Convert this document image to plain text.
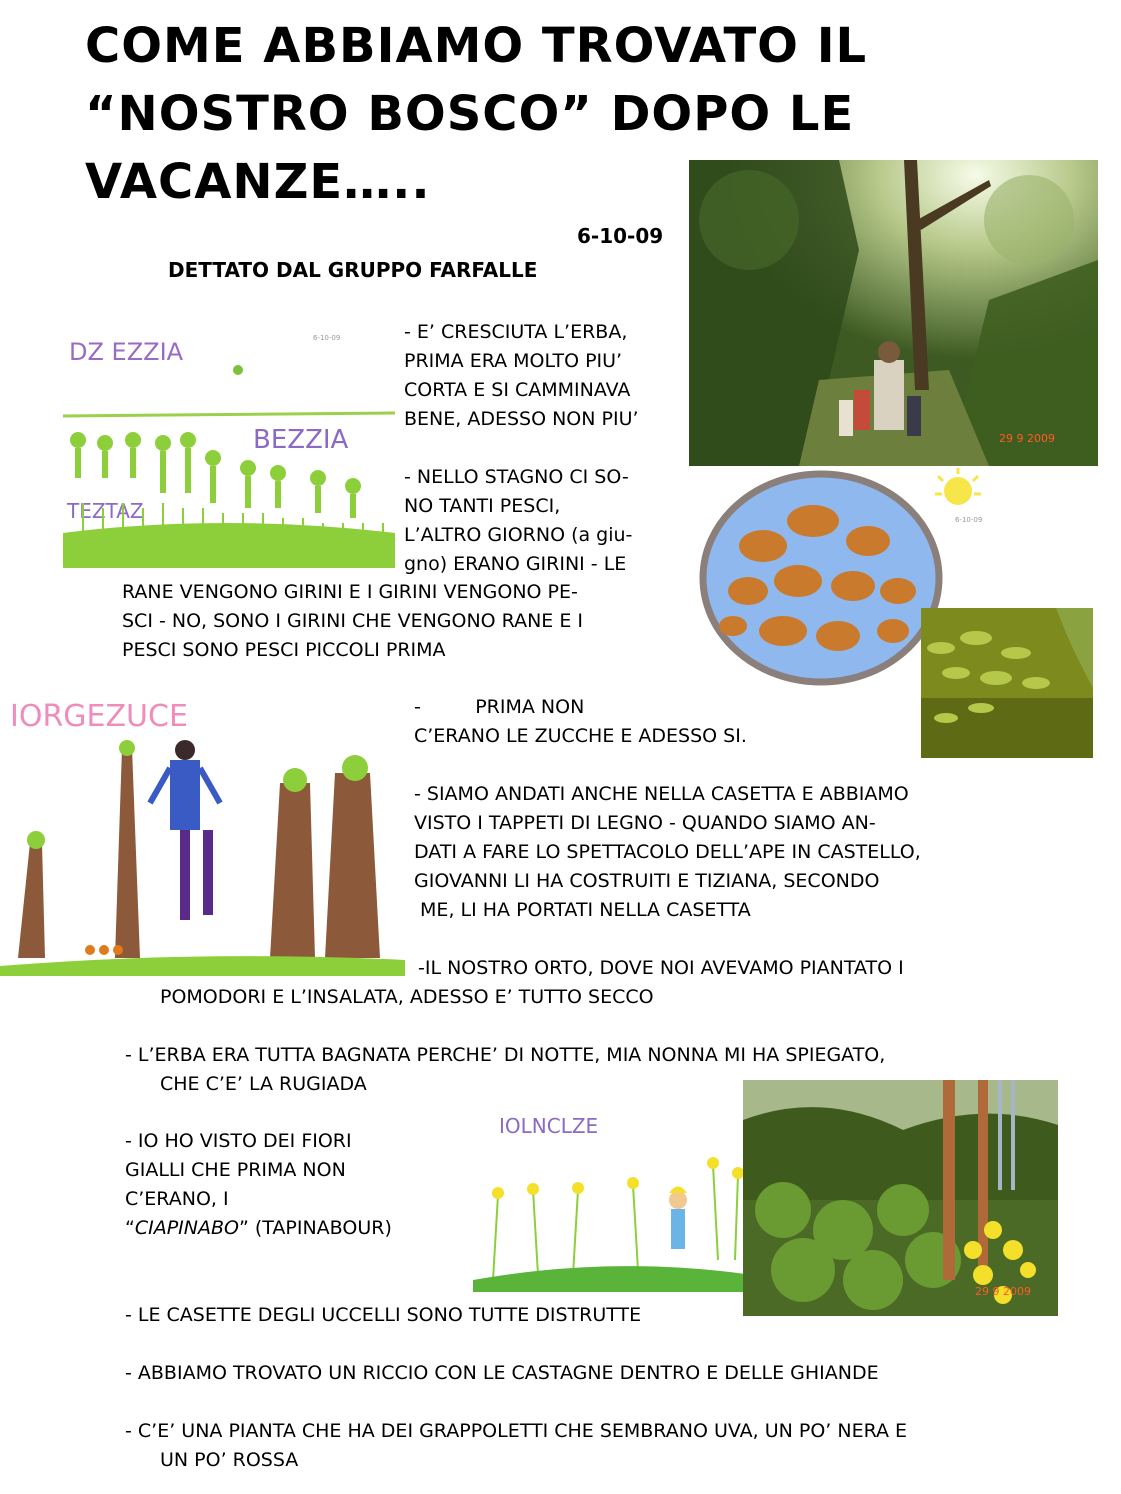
COME ABBIAMO TROVATO IL
“NOSTRO BOSCO” DOPO LE
VACANZE…..
6-10-09
DETTATO DAL GRUPPO FARFALLE
29 9 2009
DZ EZZIA
BEZZIA
TEZTAZ
6-10-09
6-10-09
IORGEZUCE
IOLNCLZE
29 9 2009
- E’ CRESCIUTA L’ERBA,
PRIMA ERA MOLTO PIU’
CORTA E SI CAMMINAVA
BENE, ADESSO NON PIU’
- NELLO STAGNO CI SO-
NO TANTI PESCI,
L’ALTRO GIORNO (a giu-
gno) ERANO GIRINI - LE
RANE VENGONO GIRINI E I GIRINI VENGONO PE-
SCI - NO, SONO I GIRINI CHE VENGONO RANE E I
PESCI SONO PESCI PICCOLI PRIMA
-         PRIMA NON
C’ERANO LE ZUCCHE E ADESSO SI.
- SIAMO ANDATI ANCHE NELLA CASETTA E ABBIAMO
VISTO I TAPPETI DI LEGNO - QUANDO SIAMO AN-
DATI A FARE LO SPETTACOLO DELL’APE IN CASTELLO,
GIOVANNI LI HA COSTRUITI E TIZIANA, SECONDO
ME, LI HA PORTATI NELLA CASETTA
-IL NOSTRO ORTO, DOVE NOI AVEVAMO PIANTATO I
POMODORI E L’INSALATA, ADESSO E’ TUTTO SECCO
- L’ERBA ERA TUTTA BAGNATA PERCHE’ DI NOTTE, MIA NONNA MI HA SPIEGATO,
CHE C’E’ LA RUGIADA
- IO HO VISTO DEI FIORI
GIALLI CHE PRIMA NON
C’ERANO, I
“CIAPINABO” (TAPINABOUR)
- LE CASETTE DEGLI UCCELLI SONO TUTTE DISTRUTTE
- ABBIAMO TROVATO UN RICCIO CON LE CASTAGNE DENTRO E DELLE GHIANDE
- C’E’ UNA PIANTA CHE HA DEI GRAPPOLETTI CHE SEMBRANO UVA, UN PO’ NERA E
UN PO’ ROSSA
